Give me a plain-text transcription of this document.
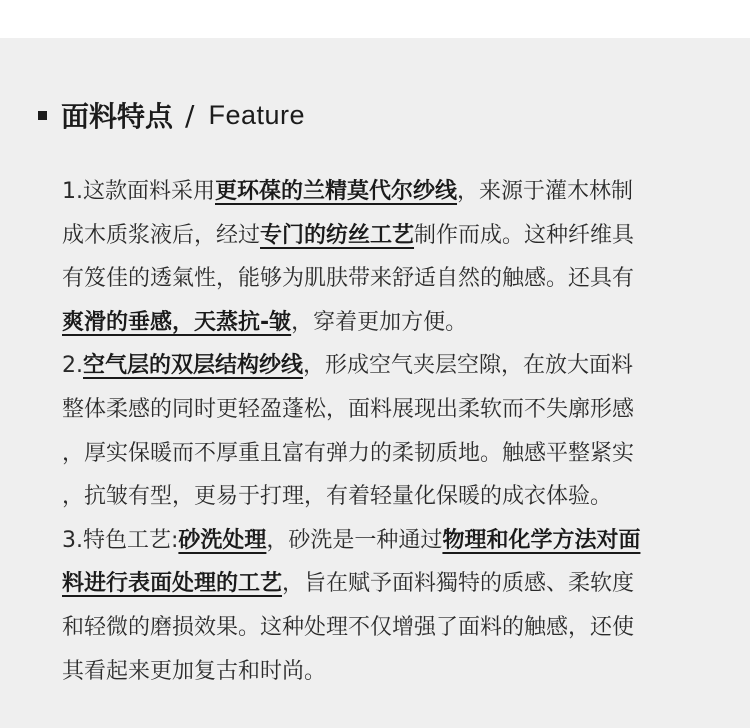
面料特点 / Feature
1.这款面料采用更环葆的兰精莫代尔纱线，来源于灌木林制
成木质浆液后，经过专门的纺丝工艺制作而成。这种纤维具
有笈佳的透氣性，能够为肌肤带来舒适自然的触感。还具有
爽滑的垂感，天蒸抗-皱，穿着更加方便。
2.空气层的双层结构纱线，形成空气夹层空隙，在放大面料
整体柔感的同时更轻盈蓬松，面料展现出柔软而不失廓形感
，厚实保暖而不厚重且富有弹力的柔韧质地。触感平整紧实
，抗皱有型，更易于打理，有着轻量化保暖的成衣体验。
3.特色工艺:砂洗处理，砂洗是一种通过物理和化学方法对面
料进行表面处理的工艺，旨在赋予面料獨特的质感、柔软度
和轻微的磨损效果。这种处理不仅增强了面料的触感，还使
其看起来更加复古和时尚。
